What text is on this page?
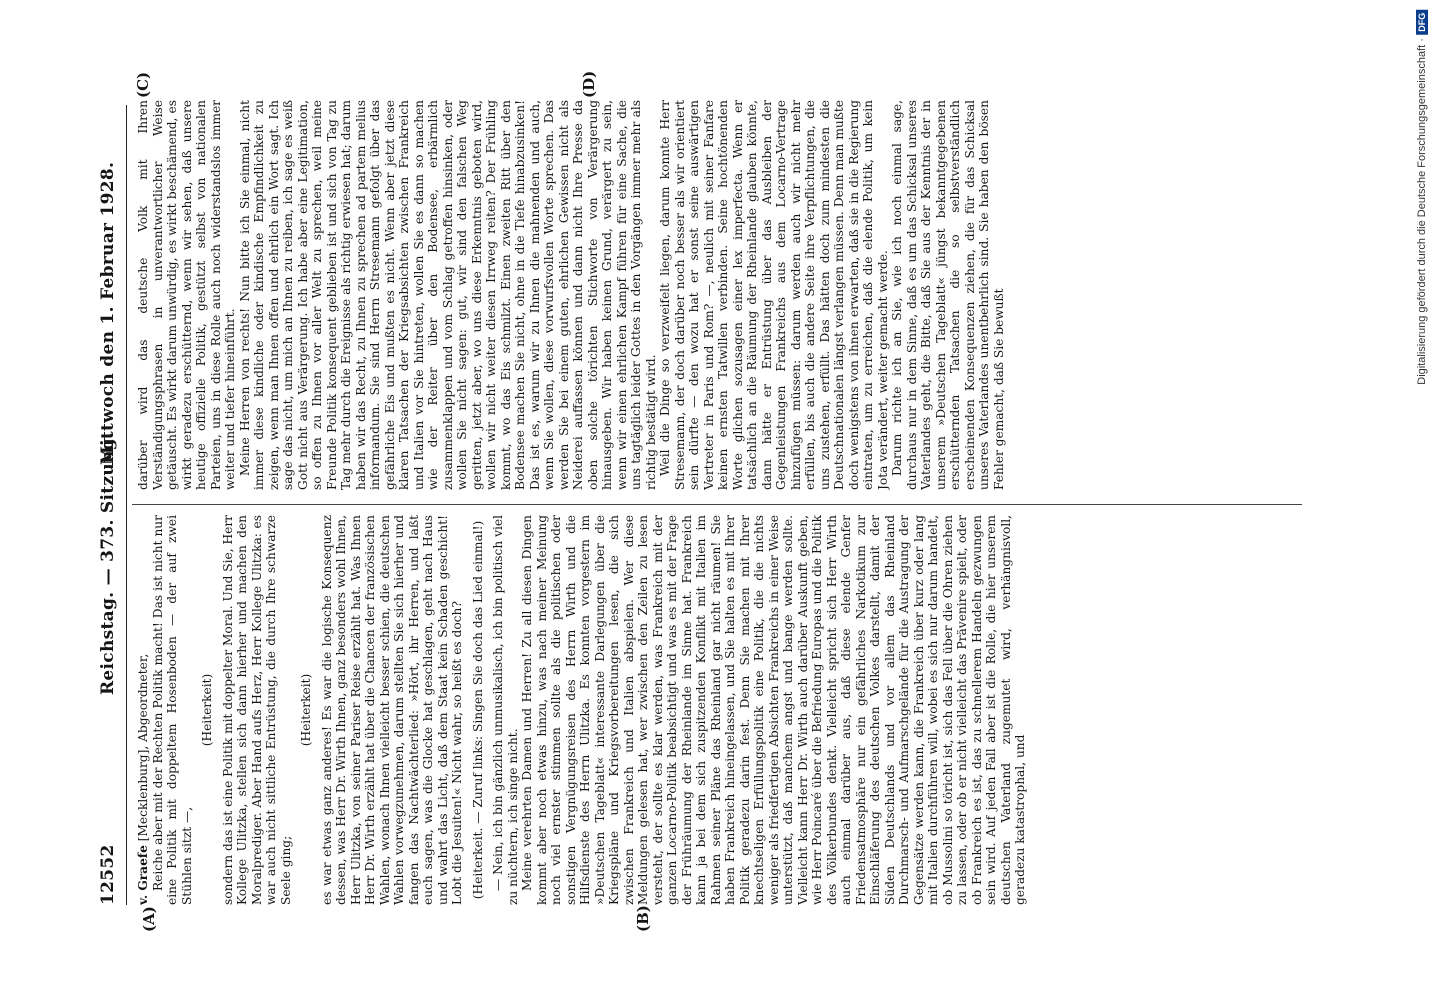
12552
Reichstag. — 373. Sitzung.
Mittwoch den 1. Februar 1928.
(A)	(B)
(C)	(D)

v. Graefe [Mecklenburg], Abgeordneter, Reiche aber mit der Rechten Politik macht! Das ist nicht nur eine Politik mit doppeltem Hosenboden — der auf zwei Stühlen sitzt —,

(Heiterkeit) sondern das ist eine Politik mit doppelter Moral. Und Sie, Herr Kollege Ulitzka, stellen sich dann hierher und machen den Moralprediger. Aber Hand aufs Herz, Herr Kollege Ulitzka: es war auch nicht sittliche Entrüstung, die durch Ihre schwarze Seele ging;

(Heiterkeit) es war etwas ganz anderes! Es war die logische Konsequenz dessen, was Herr Dr. Wirth Ihnen, ganz besonders wohl Ihnen, Herr Ulitzka, von seiner Pariser Reise erzählt hat. Was Ihnen Herr Dr. Wirth erzählt hat über die Chancen der französischen Wahlen, wonach Ihnen vielleicht besser schien, die deutschen Wahlen vorwegzunehmen, darum stellten Sie sich hierher und fangen das Nachtwächterlied: »Hört, ihr Herren, und laßt euch sagen, was die Glocke hat geschlagen, geht nach Haus und wahrt das Licht, daß dem Staat kein Schaden geschicht! Lobt die Jesuiten!« Nicht wahr, so heißt es doch? (Heiterkeit. — Zuruf links: Singen Sie doch das Lied einmal!) — Nein, ich bin gänzlich unmusikalisch, ich bin politisch viel zu nüchtern, ich singe nicht. Meine verehrten Damen und Herren! Zu all diesen Dingen kommt aber noch etwas hinzu, was nach meiner Meinung noch viel ernster stimmen sollte als die politischen oder sonstigen Vergnügungsreisen des Herrn Wirth und die Hilfsdienste des Herrn Ulitzka. Es konnten vorgestern im »Deutschen Tageblatt« interessante Darlegungen über die Kriegspläne und Kriegsvorbereitungen lesen, die sich zwischen Frankreich und Italien abspielen. Wer diese Meldungen gelesen hat, wer zwischen den Zeilen zu lesen versteht, der sollte es klar werden, was Frankreich mit der ganzen Locarno-Politik beabsichtigt und was es mit der Frage der Frühräumung der Rheinlande im Sinne hat. Frankreich kann ja bei dem sich zuspitzenden Konflikt mit Italien im Rahmen seiner Pläne das Rheinland gar nicht räumen! Sie haben Frankreich hineingelassen, und Sie halten es mit Ihrer Politik geradezu darin fest. Denn Sie machen mit Ihrer knechtseligen Erfüllungspolitik eine Politik, die die nichts weniger als friedfertigen Absichten Frankreichs in einer Weise unterstützt, daß manchem angst und bange werden sollte. Vielleicht kann Herr Dr. Wirth auch darüber Auskunft geben, wie Herr Poincaré über die Befriedung Europas und die Politik des Völkerbundes denkt. Vielleicht spricht sich Herr Wirth auch einmal darüber aus, daß diese elende Genfer Friedensatmosphäre nur ein gefährliches Narkotikum zur Einschläferung des deutschen Volkes darstellt, damit der Süden Deutschlands und vor allem das Rheinland Durchmarsch- und Aufmarschgelände für die Austragung der Gegensätze werden kann, die Frankreich über kurz oder lang mit Italien durchführen will, wobei es sich nur darum handelt, ob Mussolini so töricht ist, sich das Fell über die Ohren ziehen zu lassen, oder ob er nicht vielleicht das Prävenire spielt, oder ob Frankreich es ist, das zu schnellerem Handeln gezwungen sein wird. Auf jeden Fall aber ist die Rolle, die hier unserem deutschen Vaterland zugemutet wird, verhängnisvoll, geradezu katastrophal, und

darüber wird das deutsche Volk mit Ihren Verständigungsphrasen in unverantwortlicher Weise getäuscht. Es wirkt darum unwürdig, es wirkt beschämend, es wirkt geradezu erschütternd, wenn wir sehen, daß unsere heutige offizielle Politik, gestützt selbst von nationalen Parteien, uns in diese Rolle auch noch widerstandslos immer weiter und tiefer hineinführt. Meine Herren von rechts! Nun bitte ich Sie einmal, nicht immer diese kindliche oder kindische Empfindlichkeit zu zeigen, wenn man Ihnen offen und ehrlich ein Wort sagt. Ich sage das nicht, um mich an Ihnen zu reiben, ich sage es weiß Gott nicht aus Verärgerung. Ich habe aber eine Legitimation, so offen zu Ihnen vor aller Welt zu sprechen, weil meine Freunde Politik konsequent geblieben ist und sich von Tag zu Tag mehr durch die Ereignisse als richtig erwiesen hat; darum haben wir das Recht, zu Ihnen zu sprechen ad partem melius informandum. Sie sind Herrn Stresemann gefolgt über das gefährliche Eis und mußten es nicht. Wenn aber jetzt diese klaren Tatsachen der Kriegsabsichten zwischen Frankreich und Italien vor Sie hintreten, wollen Sie es dann so machen wie der Reiter über den Bodensee, erbärmlich zusammenklappen und vom Schlag getroffen hinsinken, oder wollen Sie nicht sagen: gut, wir sind den falschen Weg geritten, jetzt aber, wo uns diese Erkenntnis geboten wird, wollen wir nicht weiter diesen Irrweg reiten? Der Frühling kommt, wo das Eis schmilzt. Einen zweiten Ritt über den Bodensee machen Sie nicht, ohne in die Tiefe hinabzusinken! Das ist es, warum wir zu Ihnen die mahnenden und auch, wenn Sie wollen, diese vorwurfsvollen Worte sprechen. Das werden Sie bei einem guten, ehrlichen Gewissen nicht als Neiderei auffassen können und dann nicht Ihre Presse da oben solche törichten Stichworte von Verärgerung hinausgeben. Wir haben keinen Grund, verärgert zu sein, wenn wir einen ehrlichen Kampf führen für eine Sache, die uns tagtäglich leider Gottes in den Vorgängen immer mehr als richtig bestätigt wird. Weil die Dinge so verzweifelt liegen, darum konnte Herr Stresemann, der doch darüber noch besser als wir orientiert sein dürfte — den wozu hat er sonst seine auswärtigen Vertreter in Paris und Rom? —, neulich mit seiner Fanfare keinen ernsten Tatwillen verbinden. Seine hochtönenden Worte glichen sozusagen einer lex imperfecta. Wenn er tatsächlich an die Räumung der Rheinlande glauben könnte, dann hätte er Entrüstung über das Ausbleiben der Gegenleistungen Frankreichs aus dem Locarno-Vertrage hinzufügen müssen: darum werden auch wir nicht mehr erfüllen, bis auch die andere Seite ihre Verpflichtungen, die uns zustehen, erfüllt. Das hätten doch zum mindesten die Deutschnationalen längst verlangen müssen. Denn man mußte doch wenigstens von ihnen erwarten, daß sie in die Regierung eintraten, um zu erreichen, daß die elende Politik, um kein Jota verändert, weiter gemacht werde. Darum richte ich an Sie, wie ich noch einmal sage, durchaus nur in dem Sinne, daß es um das Schicksal unseres Vaterlandes geht, die Bitte, daß Sie aus der Kenntnis der in unserem »Deutschen Tageblatt« jüngst bekanntgegebenen erschütternden Tatsachen die so selbstverständlich erscheinenden Konsequenzen ziehen, die für das Schicksal unseres Vaterlandes unentbehrlich sind. Sie haben den bösen Fehler gemacht, daß Sie bewußt

Digitalisierung gefördert durch die Deutsche Forschungsgemeinschaft · DFG
